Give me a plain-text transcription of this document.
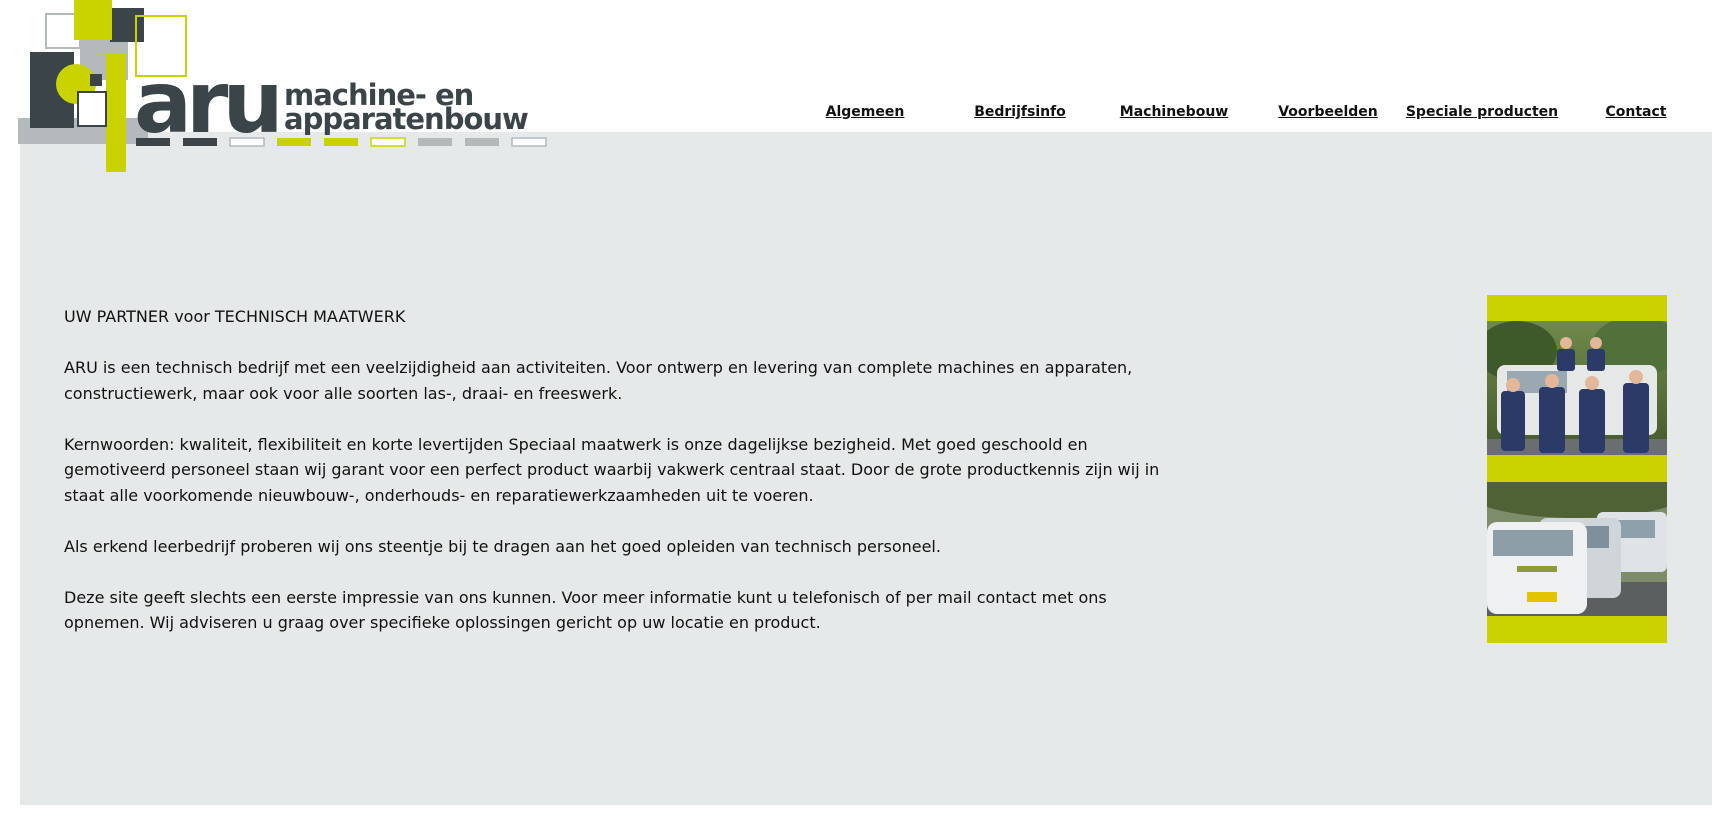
aru machine- en
apparatenbouw	Algemeen	Bedrijfsinfo	Machinebouw	Voorbeelden Speciale producten	Contact

UW PARTNER voor TECHNISCH MAATWERK

ARU is een technisch bedrijf met een veelzijdigheid aan activiteiten. Voor ontwerp en levering van complete machines en apparaten, constructiewerk, maar ook voor alle soorten las-, draai- en freeswerk.

Kernwoorden: kwaliteit, flexibiliteit en korte levertijden Speciaal maatwerk is onze dagelijkse bezigheid. Met goed geschoold en gemotiveerd personeel staan wij garant voor een perfect product waarbij vakwerk centraal staat. Door de grote productkennis zijn wij in staat alle voorkomende nieuwbouw-, onderhouds- en reparatiewerkzaamheden uit te voeren.

Als erkend leerbedrijf proberen wij ons steentje bij te dragen aan het goed opleiden van technisch personeel.

Deze site geeft slechts een eerste impressie van ons kunnen. Voor meer informatie kunt u telefonisch of per mail contact met ons opnemen. Wij adviseren u graag over specifieke oplossingen gericht op uw locatie en product.
